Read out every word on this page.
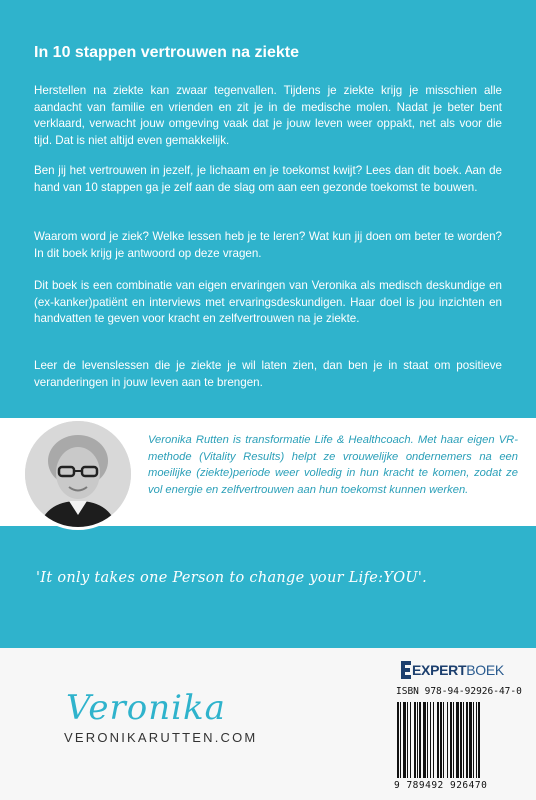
In 10 stappen vertrouwen na ziekte

Herstellen na ziekte kan zwaar tegenvallen. Tijdens je ziekte krijg je misschien alle aandacht van familie en vrienden en zit je in de medische molen. Nadat je beter bent verklaard, verwacht jouw omgeving vaak dat je jouw leven weer oppakt, net als voor die tijd. Dat is niet altijd even gemakkelijk.

Ben jij het vertrouwen in jezelf, je lichaam en je toekomst kwijt? Lees dan dit boek. Aan de hand van 10 stappen ga je zelf aan de slag om aan een gezonde toekomst te bouwen.

Waarom word je ziek? Welke lessen heb je te leren? Wat kun jij doen om beter te worden? In dit boek krijg je antwoord op deze vragen.

Dit boek is een combinatie van eigen ervaringen van Veronika als medisch deskundige en (ex-kanker)patiënt en interviews met ervaringsdeskundigen. Haar doel is jou inzichten en handvatten te geven voor kracht en zelfvertrouwen na je ziekte.

Leer de levenslessen die je ziekte je wil laten zien, dan ben je in staat om positieve veranderingen in jouw leven aan te brengen.

Veronika Rutten is transformatie Life & Healthcoach. Met haar eigen VR-methode (Vitality Results) helpt ze vrouwelijke ondernemers na een moeilijke (ziekte)periode weer volledig in hun kracht te komen, zodat ze vol energie en zelfvertrouwen aan hun toekomst kunnen werken.

'It only takes one Person to change your Life:YOU'.
Veronika
VERONIKARUTTEN.COM
EXPERTBOEK
ISBN 978-94-92926-47-0
9 789492 926470
